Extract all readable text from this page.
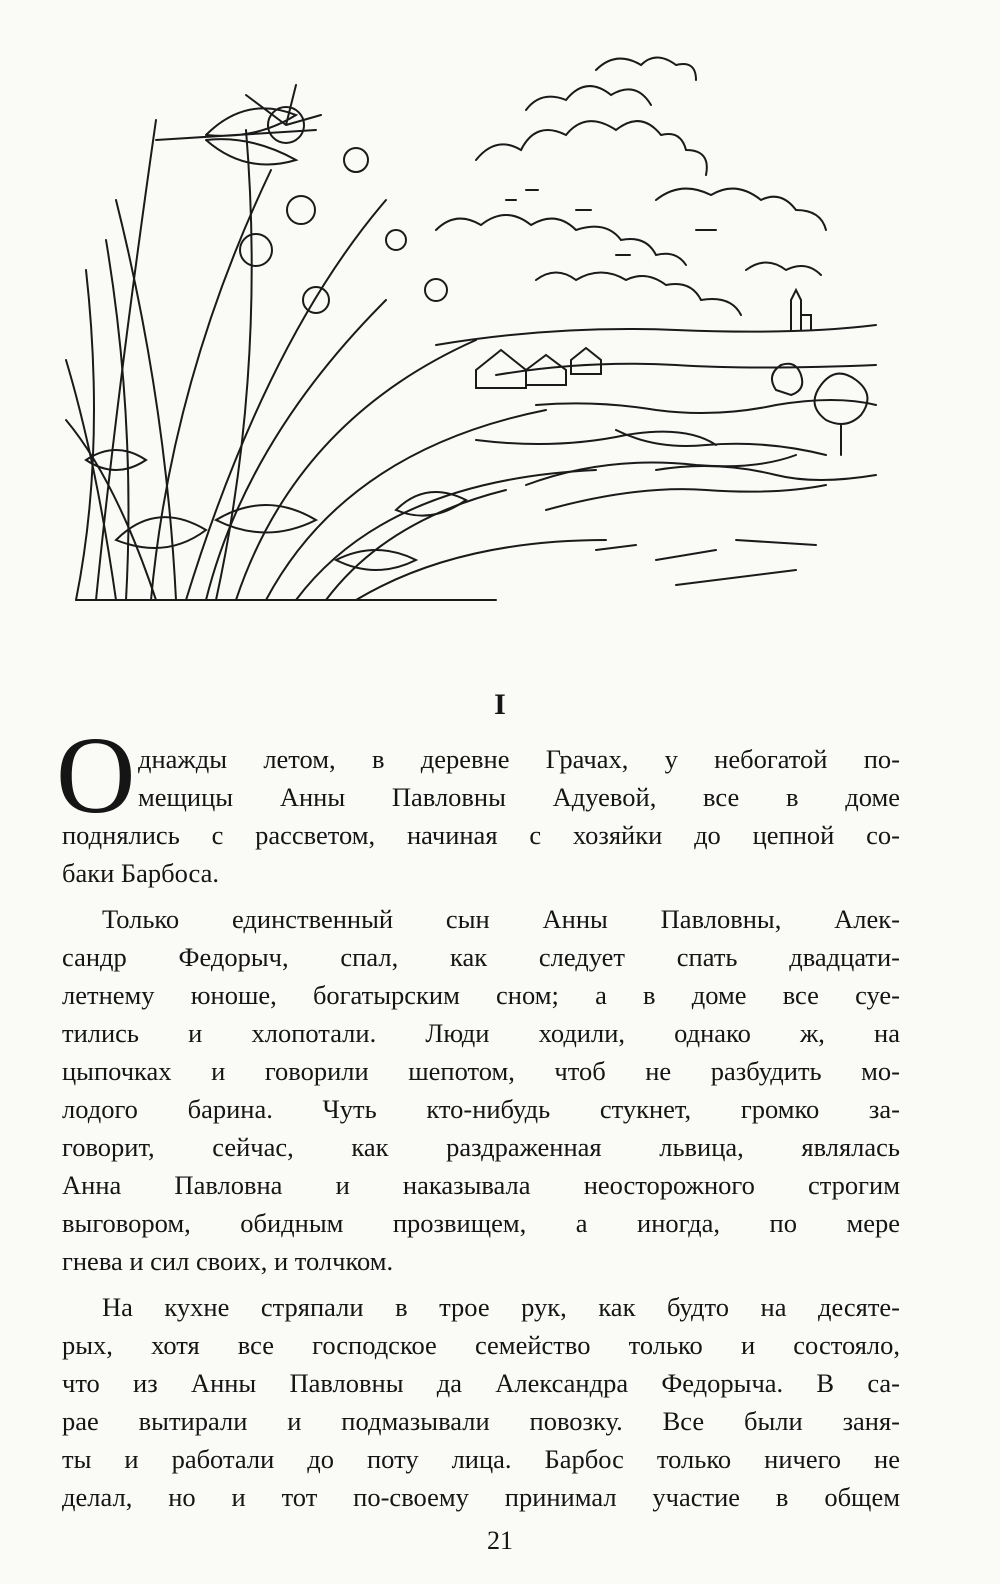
I
О днажды летом, в деревне Грачах, у небогатой по-
мещицы Анны Павловны Адуевой, все в доме
поднялись с рассветом, начиная с хозяйки до цепной со-
баки Барбоса.
Только единственный сын Анны Павловны, Алек-
сандр Федорыч, спал, как следует спать двадцати-
летнему юноше, богатырским сном; а в доме все суе-
тились и хлопотали. Люди ходили, однако ж, на
цыпочках и говорили шепотом, чтоб не разбудить мо-
лодого барина. Чуть кто-нибудь стукнет, громко за-
говорит, сейчас, как раздраженная львица, являлась
Анна Павловна и наказывала неосторожного строгим
выговором, обидным прозвищем, а иногда, по мере
гнева и сил своих, и толчком.
На кухне стряпали в трое рук, как будто на десяте-
рых, хотя все господское семейство только и состояло,
что из Анны Павловны да Александра Федорыча. В са-
рае вытирали и подмазывали повозку. Все были заня-
ты и работали до поту лица. Барбос только ничего не
делал, но и тот по-своему принимал участие в общем
21
